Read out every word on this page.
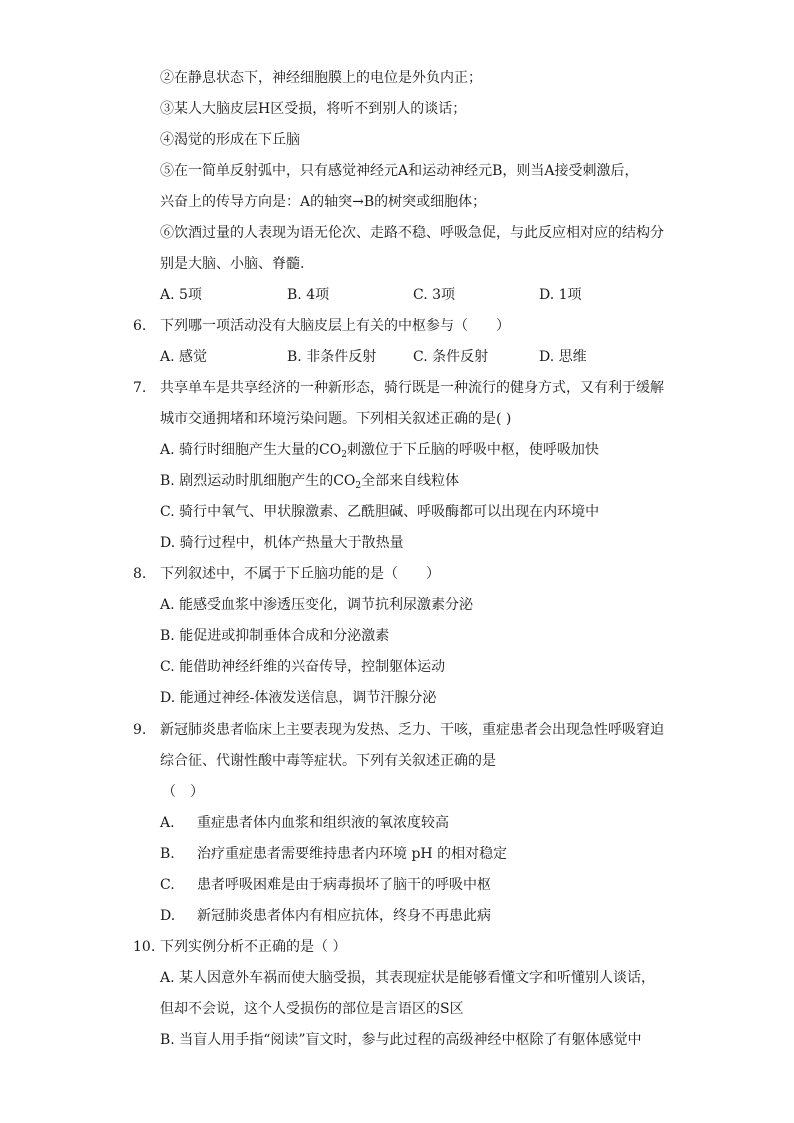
②在静息状态下，神经细胞膜上的电位是外负内正；
③某人大脑皮层H区受损，将听不到别人的谈话；
④渴觉的形成在下丘脑
⑤在一简单反射弧中，只有感觉神经元A和运动神经元B，则当A接受刺激后，
兴奋上的传导方向是：A的轴突→B的树突或细胞体；
⑥饮酒过量的人表现为语无伦次、走路不稳、呼吸急促，与此反应相对应的结构分
别是大脑、小脑、脊髓.
A. 5项	B. 4项	C. 3项	D. 1项
6. 下列哪一项活动没有大脑皮层上有关的中枢参与（　　）
A. 感觉	B. 非条件反射	C. 条件反射	D. 思维
7. 共享单车是共享经济的一种新形态，骑行既是一种流行的健身方式，又有利于缓解
城市交通拥堵和环境污染问题。下列相关叙述正确的是( )
A. 骑行时细胞产生大量的$CO_2$刺激位于下丘脑的呼吸中枢，使呼吸加快
B. 剧烈运动时肌细胞产生的$CO_2$全部来自线粒体
C. 骑行中氧气、甲状腺激素、乙酰胆碱、呼吸酶都可以出现在内环境中
D. 骑行过程中，机体产热量大于散热量
8. 下列叙述中，不属于下丘脑功能的是（　　）
A. 能感受血浆中渗透压变化，调节抗利尿激素分泌
B. 能促进或抑制垂体合成和分泌激素
C. 能借助神经纤维的兴奋传导，控制躯体运动
D. 能通过神经-体液发送信息，调节汗腺分泌
9. 新冠肺炎患者临床上主要表现为发热、乏力、干咳，重症患者会出现急性呼吸窘迫
综合征、代谢性酸中毒等症状。下列有关叙述正确的是
（　）
A. 重症患者体内血浆和组织液的氧浓度较高
B. 治疗重症患者需要维持患者内环境 pH 的相对稳定
C. 患者呼吸困难是由于病毒损坏了脑干的呼吸中枢
D. 新冠肺炎患者体内有相应抗体，终身不再患此病
10. 下列实例分析不正确的是（ ）
A. 某人因意外车祸而使大脑受损，其表现症状是能够看懂文字和听懂别人谈话，
但却不会说，这个人受损伤的部位是言语区的S区
B. 当盲人用手指“阅读”盲文时，参与此过程的高级神经中枢除了有躯体感觉中
